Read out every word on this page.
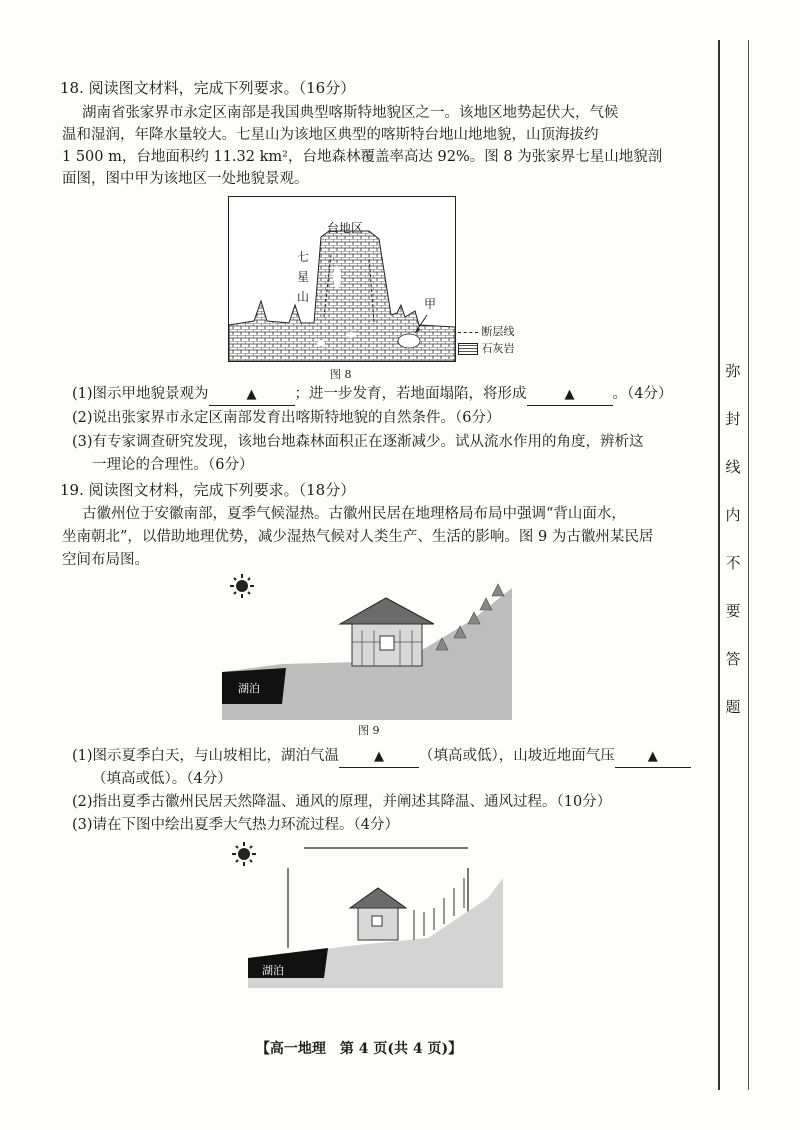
弥
封
线
内
不
要
答
题
18. 阅读图文材料，完成下列要求。（16分）
湖南省张家界市永定区南部是我国典型喀斯特地貌区之一。该地区地势起伏大，气候
温和湿润，年降水量较大。七星山为该地区典型的喀斯特台地山地地貌，山顶海拔约
1 500 m，台地面积约 11.32 km²，台地森林覆盖率高达 92%。图 8 为张家界七星山地貌剖
面图，图中甲为该地区一处地貌景观。
台地区
七星山	甲
断层线
石灰岩
图 8
(1)图示甲地貌景观为	▲	；进一步发育，若地面塌陷，将形成	▲	。（4分）
(2)说出张家界市永定区南部发育出喀斯特地貌的自然条件。（6分）
(3)有专家调查研究发现，该地台地森林面积正在逐渐减少。试从流水作用的角度，辨析这
一理论的合理性。（6分）
19. 阅读图文材料，完成下列要求。（18分）
古徽州位于安徽南部，夏季气候湿热。古徽州民居在地理格局布局中强调“背山面水，
坐南朝北”，以借助地理优势，减少湿热气候对人类生产、生活的影响。图 9 为古徽州某民居
空间布局图。
湖泊
图 9
(1)图示夏季白天，与山坡相比，湖泊气温	▲ （填高或低），山坡近地面气压	▲
（填高或低）。（4分）
(2)指出夏季古徽州民居天然降温、通风的原理，并阐述其降温、通风过程。（10分）
(3)请在下图中绘出夏季大气热力环流过程。（4分）
湖泊
【高一地理　第 4 页(共 4 页)】
